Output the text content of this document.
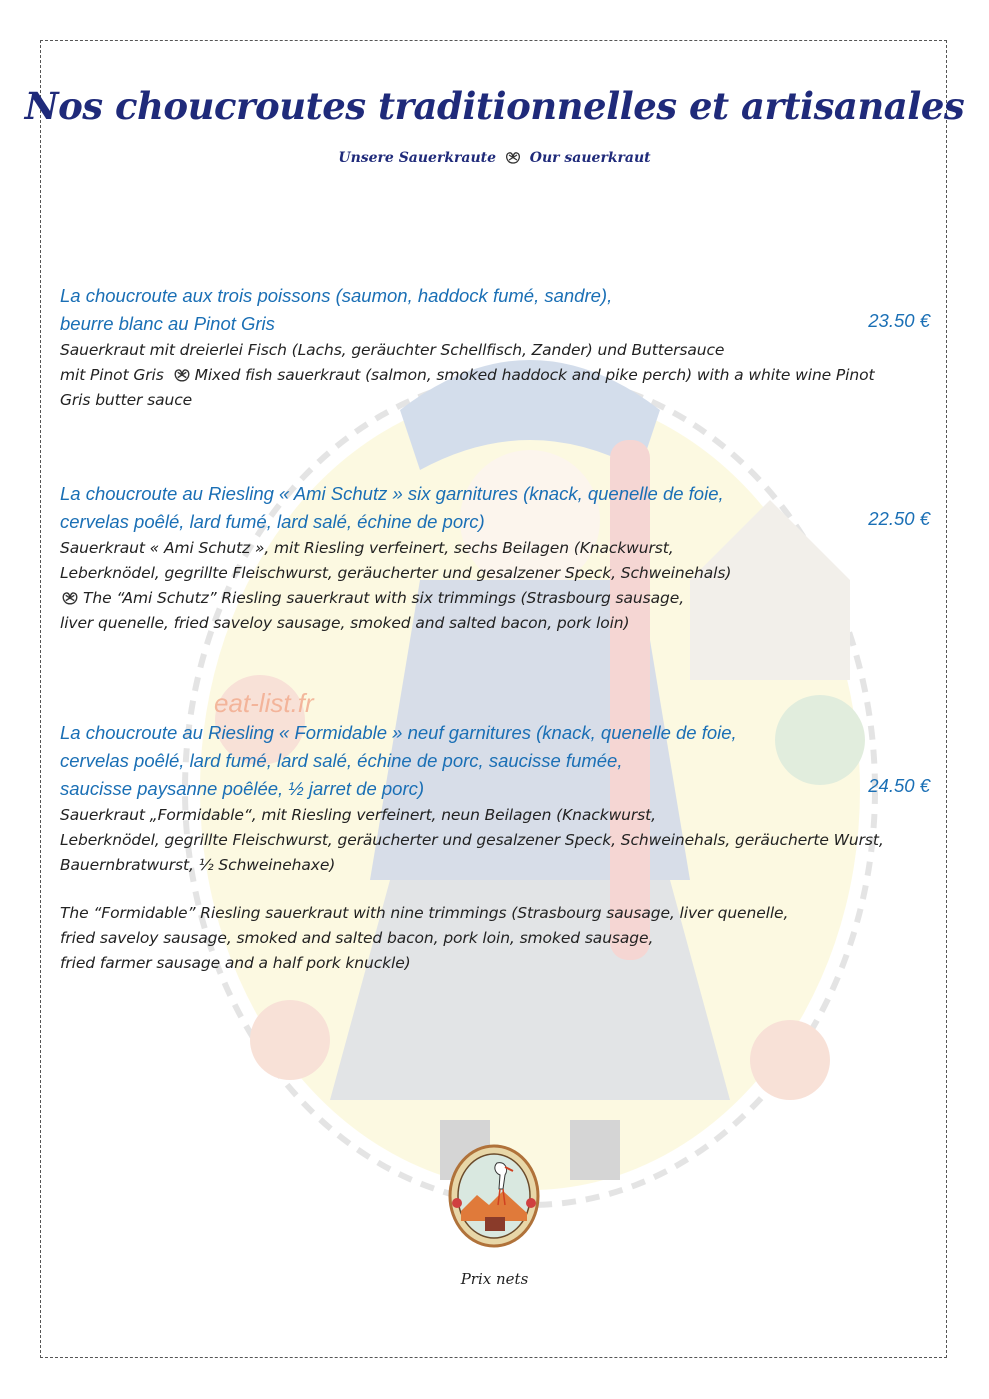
Nos choucroutes traditionnelles et artisanales
Unsere Sauerkraute Our sauerkraut
La choucroute aux trois poissons (saumon, haddock fumé, sandre),
beurre blanc au Pinot Gris	23.50 €

Sauerkraut mit dreierlei Fisch (Lachs, geräuchter Schellfisch, Zander) und Buttersauce

mit Pinot Gris Mixed fish sauerkraut (salmon, smoked haddock and pike perch) with a white wine Pinot

Gris butter sauce

La choucroute au Riesling « Ami Schutz » six garnitures (knack, quenelle de foie,
cervelas poêlé, lard fumé, lard salé, échine de porc)	22.50 €

Sauerkraut « Ami Schutz », mit Riesling verfeinert, sechs Beilagen (Knackwurst,

Leberknödel, gegrillte Fleischwurst, geräucherter und gesalzener Speck, Schweinehals)

The “Ami Schutz” Riesling sauerkraut with six trimmings (Strasbourg sausage,

liver quenelle, fried saveloy sausage, smoked and salted bacon, pork loin)

eat-list.fr
La choucroute au Riesling « Formidable » neuf garnitures (knack, quenelle de foie,
cervelas poêlé, lard fumé, lard salé, échine de porc, saucisse fumée,
saucisse paysanne poêlée, ½ jarret de porc)	24.50 €

Sauerkraut „Formidable“, mit Riesling verfeinert, neun Beilagen (Knackwurst,

Leberknödel, gegrillte Fleischwurst, geräucherter und gesalzener Speck, Schweinehals, geräucherte Wurst,

Bauernbratwurst, ½ Schweinehaxe)

The “Formidable” Riesling sauerkraut with nine trimmings (Strasbourg sausage, liver quenelle,

fried saveloy sausage, smoked and salted bacon, pork loin, smoked sausage,

fried farmer sausage and a half pork knuckle)

Prix nets
